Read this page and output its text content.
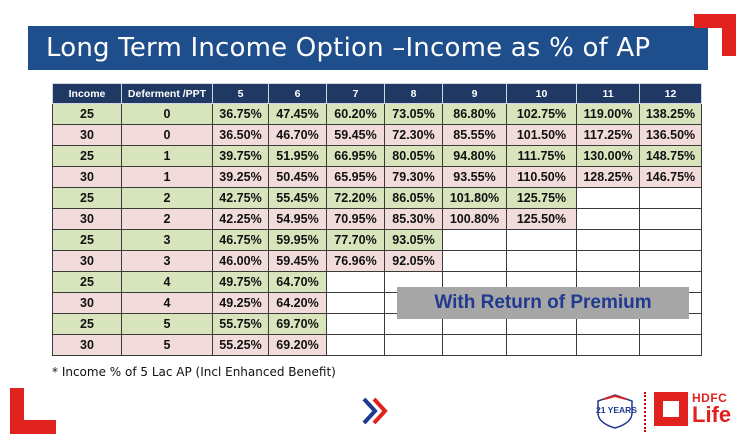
Long Term Income Option –Income as % of AP
Income	Deferment /PPT	5	6	7	8	9	10	11	12
25	0	36.75%	47.45%	60.20%	73.05%	86.80%	102.75%	119.00%	138.25%
30	0	36.50%	46.70%	59.45%	72.30%	85.55%	101.50%	117.25%	136.50%
25	1	39.75%	51.95%	66.95%	80.05%	94.80%	111.75%	130.00%	148.75%
30	1	39.25%	50.45%	65.95%	79.30%	93.55%	110.50%	128.25%	146.75%
25	2	42.75%	55.45%	72.20%	86.05%	101.80%	125.75%		
30	2	42.25%	54.95%	70.95%	85.30%	100.80%	125.50%		
25	3	46.75%	59.95%	77.70%	93.05%				
30	3	46.00%	59.45%	76.96%	92.05%				
25	4	49.75%	64.70%						
30	4	49.25%	64.20%						
25	5	55.75%	69.70%						
30	5	55.25%	69.20%						
With Return of Premium
* Income % of 5 Lac AP (Incl Enhanced Benefit)
21 YEARS
HDFC
Life
